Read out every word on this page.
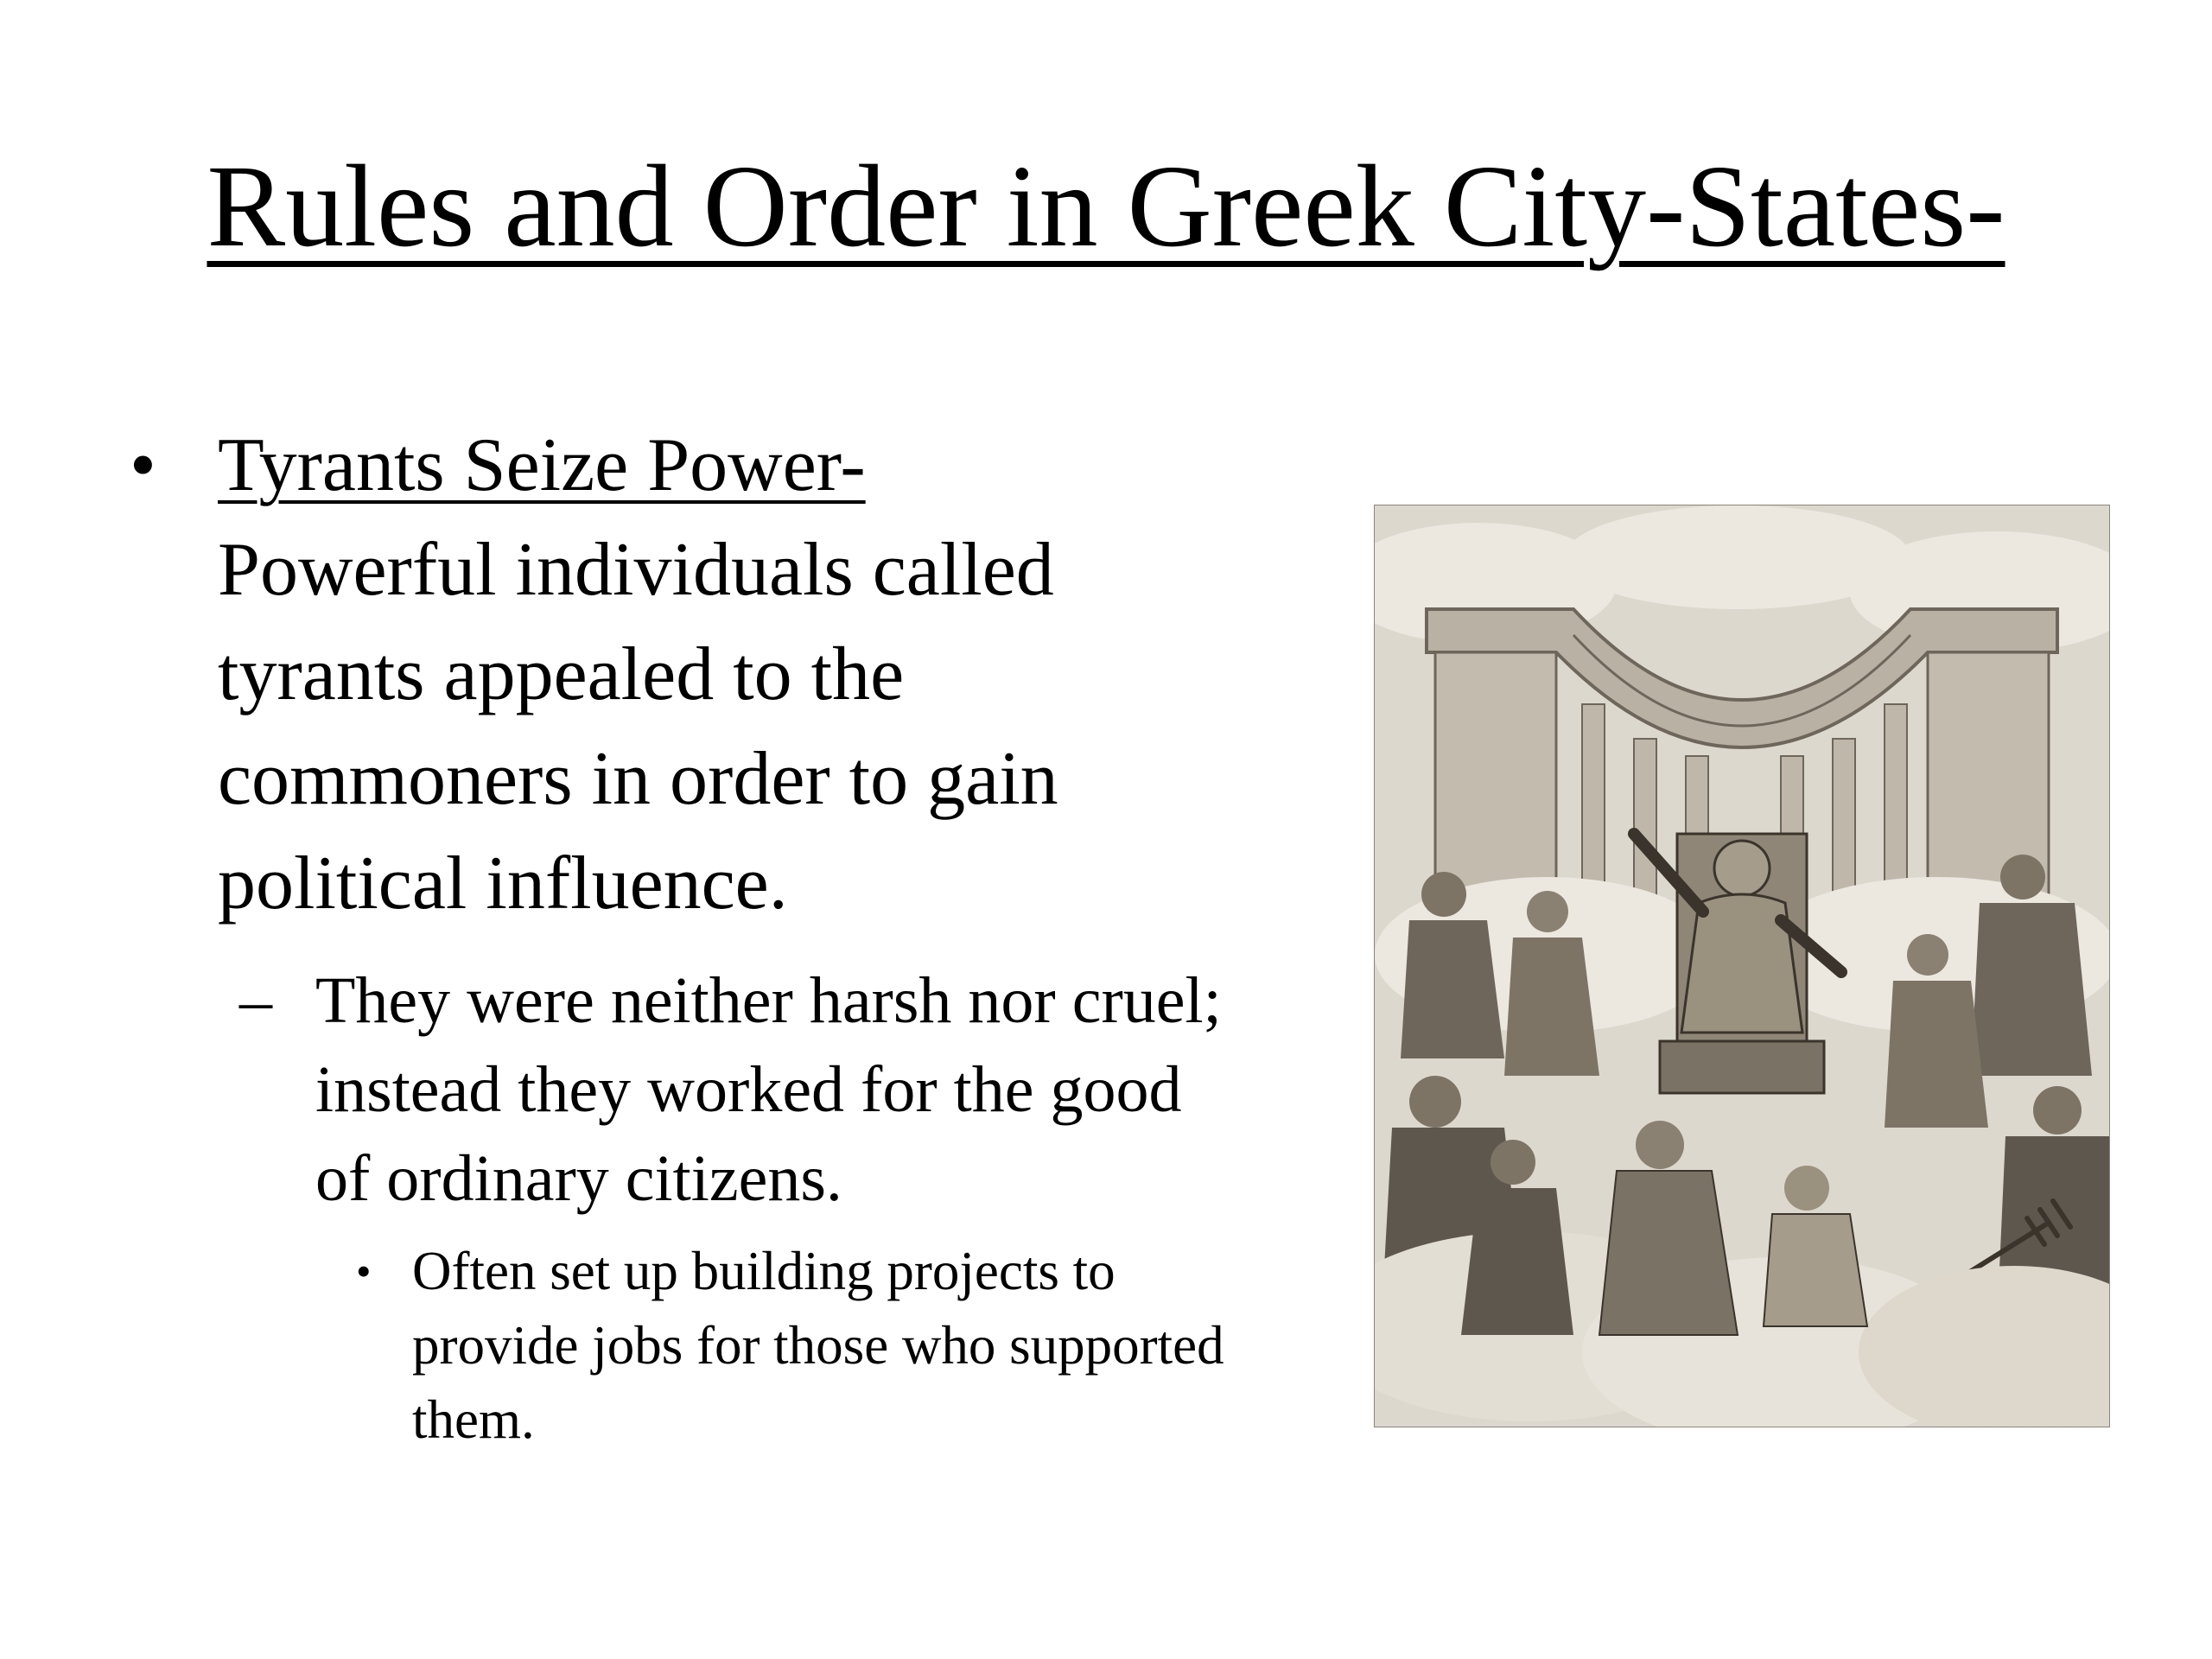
Rules and Order in Greek City-States-
• Tyrants Seize Power-
Powerful individuals called tyrants appealed to the commoners in order to gain political influence.
– They were neither harsh nor cruel; instead they worked for the good of ordinary citizens.
• Often set up building projects to provide jobs for those who supported them.
